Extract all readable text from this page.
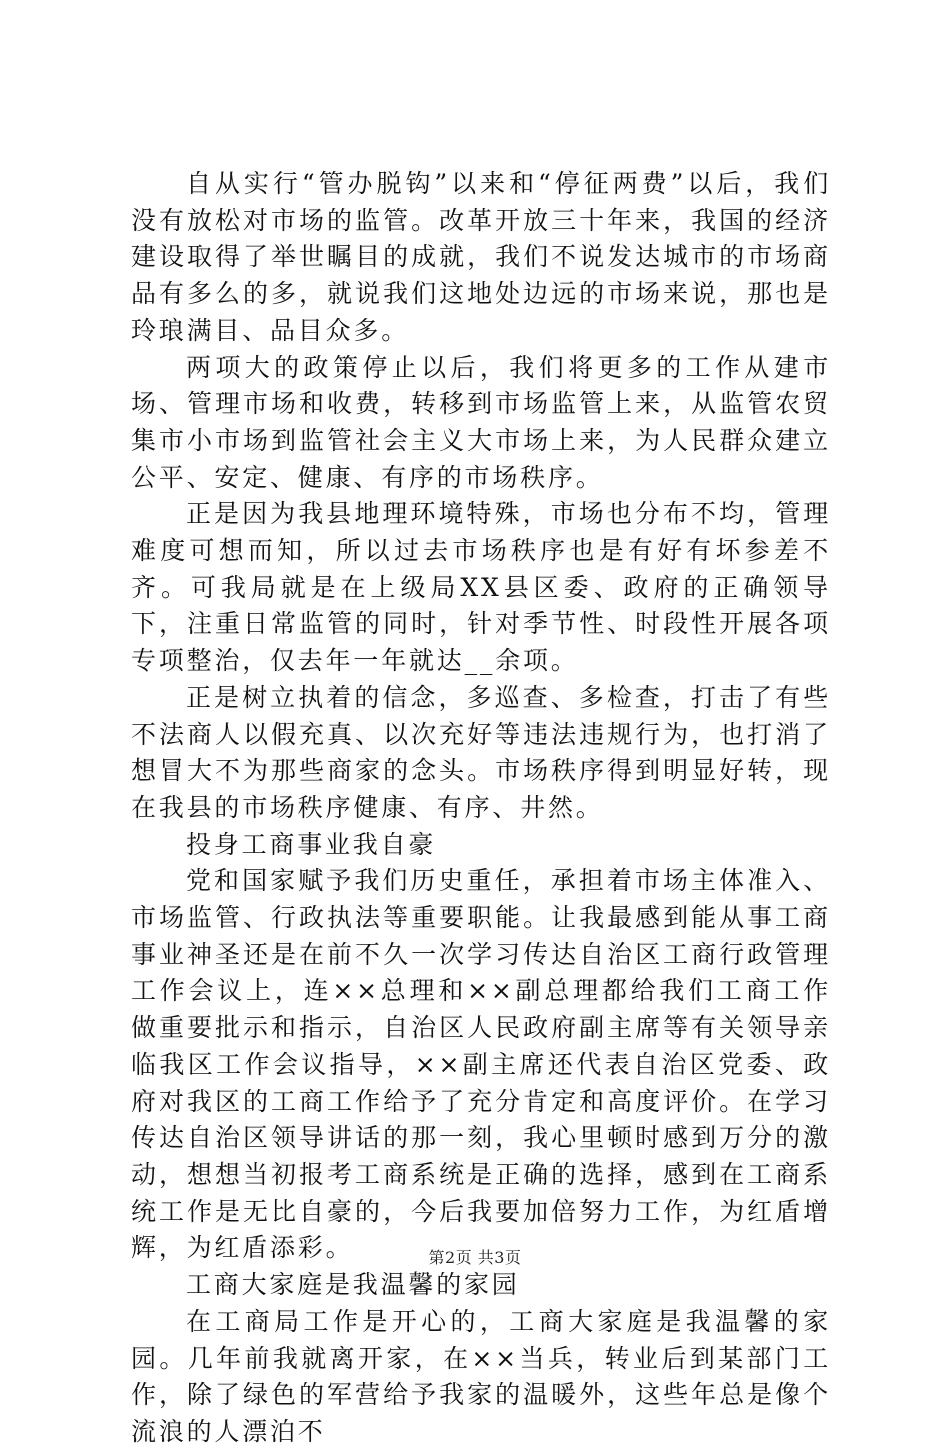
自从实行“管办脱钩”以来和“停征两费”以后，我们没有放松对市场的监管。改革开放三十年来，我国的经济建设取得了举世瞩目的成就，我们不说发达城市的市场商品有多么的多，就说我们这地处边远的市场来说，那也是玲琅满目、品目众多。

两项大的政策停止以后，我们将更多的工作从建市场、管理市场和收费，转移到市场监管上来，从监管农贸集市小市场到监管社会主义大市场上来，为人民群众建立公平、安定、健康、有序的市场秩序。

正是因为我县地理环境特殊，市场也分布不均，管理难度可想而知，所以过去市场秩序也是有好有坏参差不齐。可我局就是在上级局XX县区委、政府的正确领导下，注重日常监管的同时，针对季节性、时段性开展各项专项整治，仅去年一年就达__余项。

正是树立执着的信念，多巡查、多检查，打击了有些不法商人以假充真、以次充好等违法违规行为，也打消了想冒大不为那些商家的念头。市场秩序得到明显好转，现在我县的市场秩序健康、有序、井然。

投身工商事业我自豪

党和国家赋予我们历史重任，承担着市场主体准入、市场监管、行政执法等重要职能。让我最感到能从事工商事业神圣还是在前不久一次学习传达自治区工商行政管理工作会议上，连××总理和××副总理都给我们工商工作做重要批示和指示，自治区人民政府副主席等有关领导亲临我区工作会议指导，××副主席还代表自治区党委、政府对我区的工商工作给予了充分肯定和高度评价。在学习传达自治区领导讲话的那一刻，我心里顿时感到万分的激动，想想当初报考工商系统是正确的选择，感到在工商系统工作是无比自豪的，今后我要加倍努力工作，为红盾增辉，为红盾添彩。

工商大家庭是我温馨的家园

在工商局工作是开心的，工商大家庭是我温馨的家园。几年前我就离开家，在××当兵，转业后到某部门工作，除了绿色的军营给予我家的温暖外，这些年总是像个流浪的人漂泊不

第2页 共3页
